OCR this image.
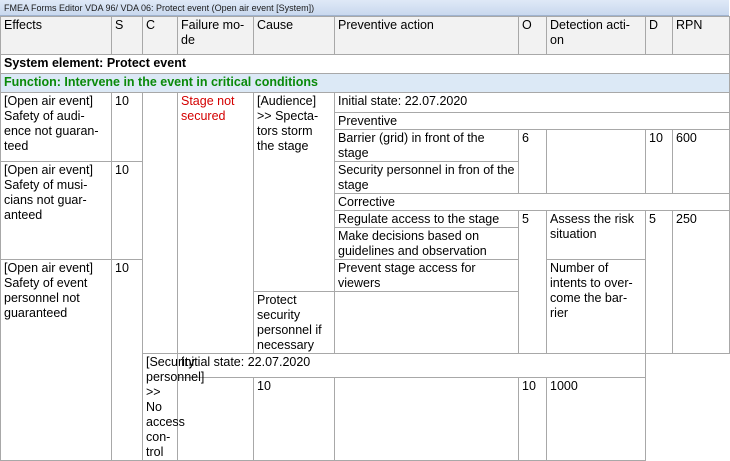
FMEA Forms Editor VDA 96/ VDA 06: Protect event (Open air event [System])
Effects	S	C	Failure mo-de	Cause	Preventive action	O	Detection acti-on	D	RPN
System element: Protect event									
Function: Intervene in the event in critical conditions									
[Open air event] Safety of audi-ence not guaran-teed	10		Stage not secured	[Audience] >> Specta-tors storm the stage	Initial state: 22.07.2020				
					Preventive				
					Barrier (grid) in front of the stage	6		10	600
[Open air event] Safety of musi-cians not guar-anteed	10				Security personnel in fron of the stage				
					Corrective				
					Regulate access to the stage	5	Assess the risk situation	5	250
					Make decisions based on guidelines and observation				
[Open air event] Safety of event personnel not guaranteed	10				Prevent stage access for viewers		Number of intents to over-come the bar-rier		
				Protect security personnel if necessary					
		[Security personnel] >> No access con-trol	Initial state: 22.07.2020						
				10		10	1000		
